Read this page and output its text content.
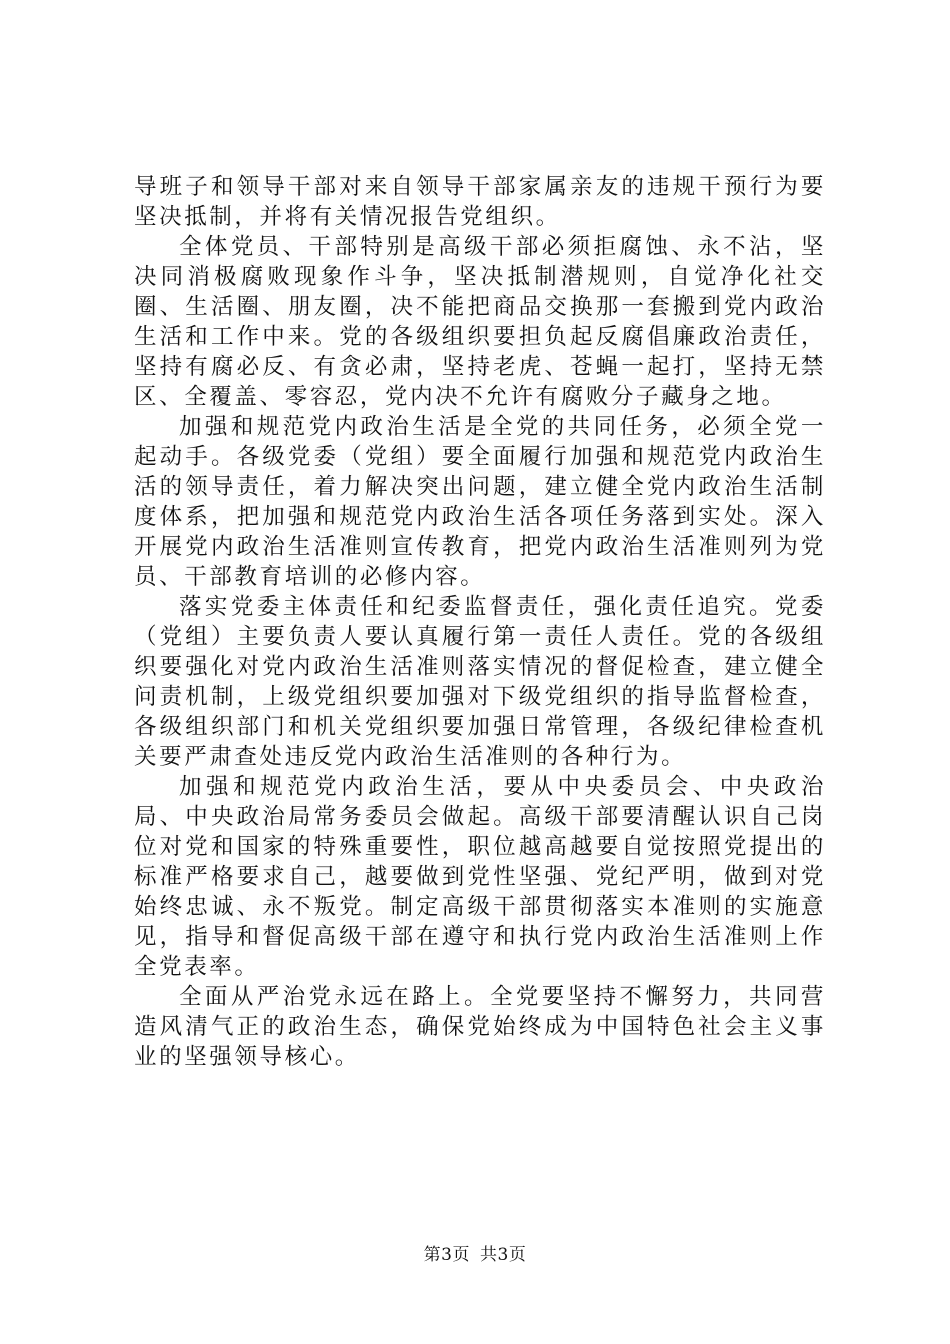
导班子和领导干部对来自领导干部家属亲友的违规干预行为要坚决抵制，并将有关情况报告党组织。

全体党员、干部特别是高级干部必须拒腐蚀、永不沾，坚决同消极腐败现象作斗争，坚决抵制潜规则，自觉净化社交圈、生活圈、朋友圈，决不能把商品交换那一套搬到党内政治生活和工作中来。党的各级组织要担负起反腐倡廉政治责任，坚持有腐必反、有贪必肃，坚持老虎、苍蝇一起打，坚持无禁区、全覆盖、零容忍，党内决不允许有腐败分子藏身之地。

加强和规范党内政治生活是全党的共同任务，必须全党一起动手。各级党委（党组）要全面履行加强和规范党内政治生活的领导责任，着力解决突出问题，建立健全党内政治生活制度体系，把加强和规范党内政治生活各项任务落到实处。深入开展党内政治生活准则宣传教育，把党内政治生活准则列为党员、干部教育培训的必修内容。

落实党委主体责任和纪委监督责任，强化责任追究。党委（党组）主要负责人要认真履行第一责任人责任。党的各级组织要强化对党内政治生活准则落实情况的督促检查，建立健全问责机制，上级党组织要加强对下级党组织的指导监督检查，各级组织部门和机关党组织要加强日常管理，各级纪律检查机关要严肃查处违反党内政治生活准则的各种行为。

加强和规范党内政治生活，要从中央委员会、中央政治局、中央政治局常务委员会做起。高级干部要清醒认识自己岗位对党和国家的特殊重要性，职位越高越要自觉按照党提出的标准严格要求自己，越要做到党性坚强、党纪严明，做到对党始终忠诚、永不叛党。制定高级干部贯彻落实本准则的实施意见，指导和督促高级干部在遵守和执行党内政治生活准则上作全党表率。

全面从严治党永远在路上。全党要坚持不懈努力，共同营造风清气正的政治生态，确保党始终成为中国特色社会主义事业的坚强领导核心。

第3页 共3页
